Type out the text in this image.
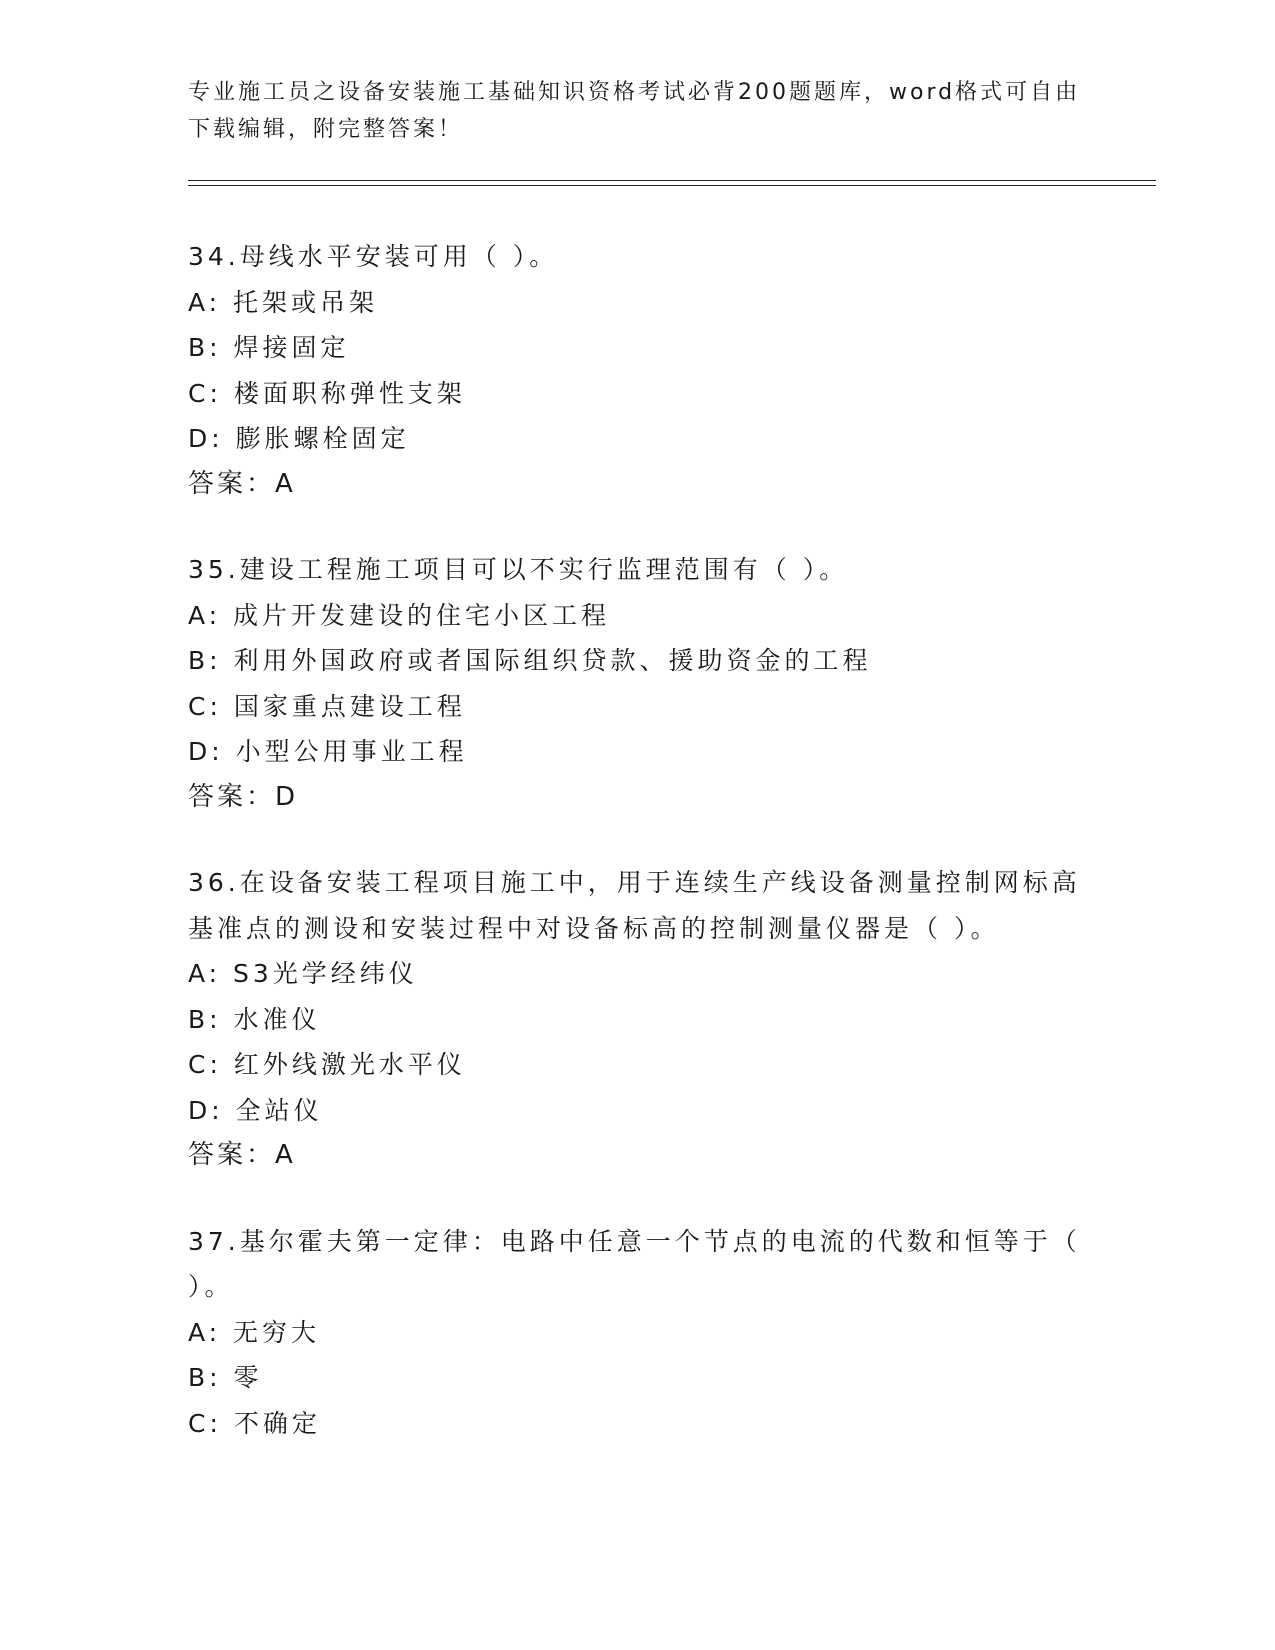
专业施工员之设备安装施工基础知识资格考试必背200题题库，word格式可自由下载编辑，附完整答案！
34.母线水平安装可用（ ）。
A: 托架或吊架
B: 焊接固定
C: 楼面职称弹性支架
D: 膨胀螺栓固定
答案：A
35.建设工程施工项目可以不实行监理范围有（ ）。
A: 成片开发建设的住宅小区工程
B: 利用外国政府或者国际组织贷款、援助资金的工程
C: 国家重点建设工程
D: 小型公用事业工程
答案：D
36.在设备安装工程项目施工中，用于连续生产线设备测量控制网标高基准点的测设和安装过程中对设备标高的控制测量仪器是（ ）。
A: S3光学经纬仪
B: 水准仪
C: 红外线激光水平仪
D: 全站仪
答案：A
37.基尔霍夫第一定律：电路中任意一个节点的电流的代数和恒等于（ ）。
A: 无穷大
B: 零
C: 不确定
